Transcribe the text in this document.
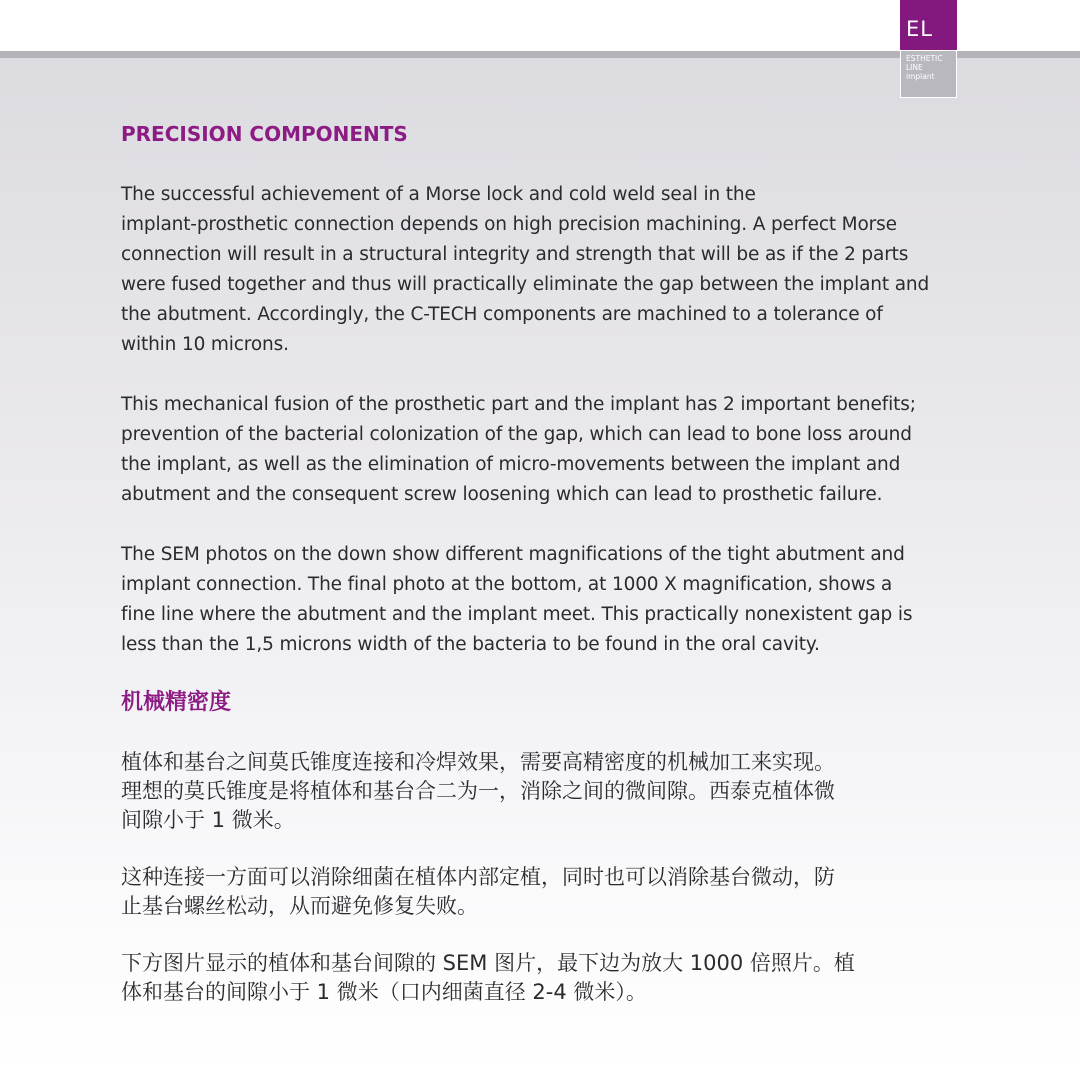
EL
ESTHETIC
LINE
implant
PRECISION COMPONENTS

The successful achievement of a Morse lock and cold weld seal in the
implant-prosthetic connection depends on high precision machining. A perfect Morse
connection will result in a structural integrity and strength that will be as if the 2 parts
were fused together and thus will practically eliminate the gap between the implant and
the abutment. Accordingly, the C-TECH components are machined to a tolerance of
within 10 microns.

This mechanical fusion of the prosthetic part and the implant has 2 important benefits;
prevention of the bacterial colonization of the gap, which can lead to bone loss around
the implant, as well as the elimination of micro-movements between the implant and
abutment and the consequent screw loosening which can lead to prosthetic failure.

The SEM photos on the down show different magnifications of the tight abutment and
implant connection. The final photo at the bottom, at 1000 X magnification, shows a
fine line where the abutment and the implant meet. This practically nonexistent gap is
less than the 1,5 microns width of the bacteria to be found in the oral cavity.

机械精密度

植体和基台之间莫氏锥度连接和冷焊效果，需要高精密度的机械加工来实现。
理想的莫氏锥度是将植体和基台合二为一，消除之间的微间隙。西泰克植体微
间隙小于 1 微米。

这种连接一方面可以消除细菌在植体内部定植，同时也可以消除基台微动，防
止基台螺丝松动，从而避免修复失败。

下方图片显示的植体和基台间隙的 SEM 图片，最下边为放大 1000 倍照片。植
体和基台的间隙小于 1 微米（口内细菌直径 2-4 微米）。
